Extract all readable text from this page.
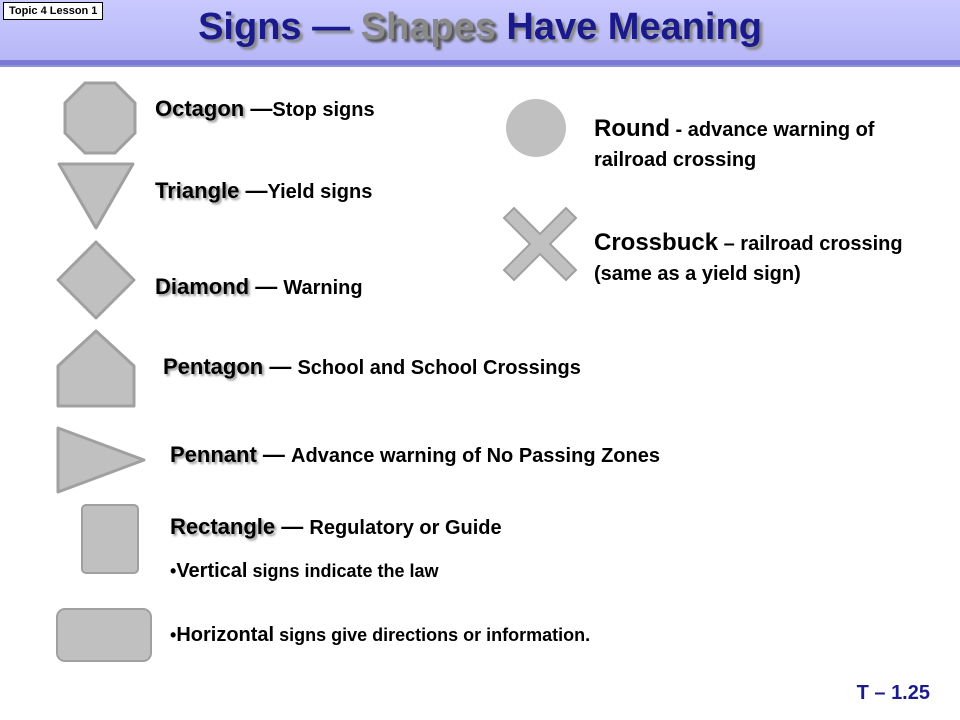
Topic 4 Lesson 1	Signs — Shapes Have Meaning
Octagon —Stop signs
Triangle —Yield signs
Diamond — Warning
Pentagon — School and School Crossings
Pennant — Advance warning of No Passing Zones
Rectangle — Regulatory or Guide
•Vertical signs indicate the law
•Horizontal signs give directions or information.
Round - advance warning of
railroad crossing
Crossbuck – railroad crossing
(same as a yield sign)
T – 1.25
